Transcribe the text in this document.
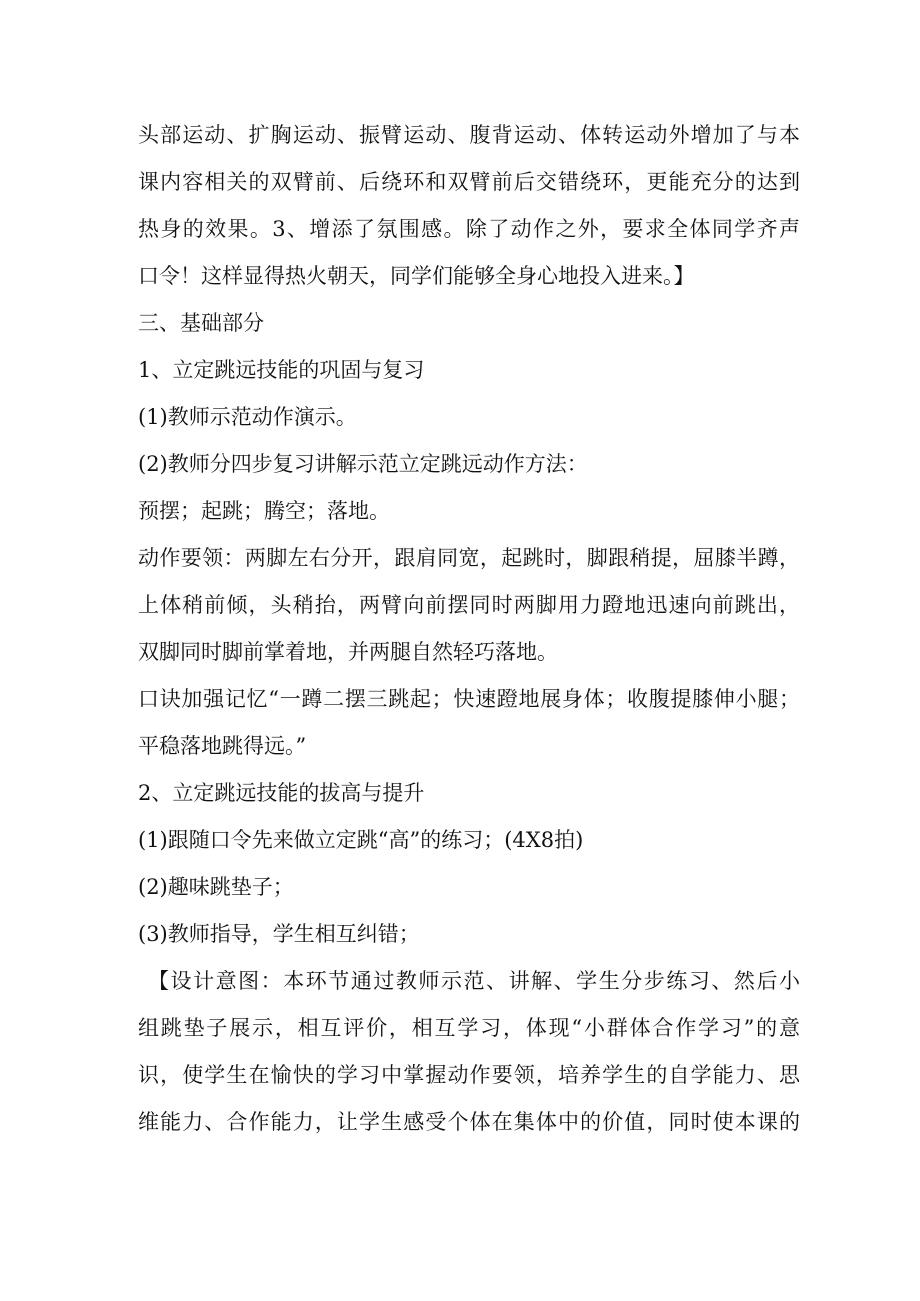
头部运动、扩胸运动、振臂运动、腹背运动、体转运动外增加了与本
课内容相关的双臂前、后绕环和双臂前后交错绕环，更能充分的达到
热身的效果。3、增添了氛围感。除了动作之外，要求全体同学齐声
口令！这样显得热火朝天，同学们能够全身心地投入进来。】
三、基础部分
1、立定跳远技能的巩固与复习
(1)教师示范动作演示。
(2)教师分四步复习讲解示范立定跳远动作方法：
预摆；起跳；腾空；落地。
动作要领：两脚左右分开，跟肩同宽，起跳时，脚跟稍提，屈膝半蹲，
上体稍前倾，头稍抬，两臂向前摆同时两脚用力蹬地迅速向前跳出，
双脚同时脚前掌着地，并两腿自然轻巧落地。
口诀加强记忆“一蹲二摆三跳起；快速蹬地展身体；收腹提膝伸小腿；
平稳落地跳得远。”
2、立定跳远技能的拔高与提升
(1)跟随口令先来做立定跳“高”的练习；(4X8拍)
(2)趣味跳垫子；
(3)教师指导，学生相互纠错；
【设计意图：本环节通过教师示范、讲解、学生分步练习、然后小
组跳垫子展示，相互评价，相互学习，体现“小群体合作学习”的意
识，使学生在愉快的学习中掌握动作要领，培养学生的自学能力、思
维能力、合作能力，让学生感受个体在集体中的价值，同时使本课的
